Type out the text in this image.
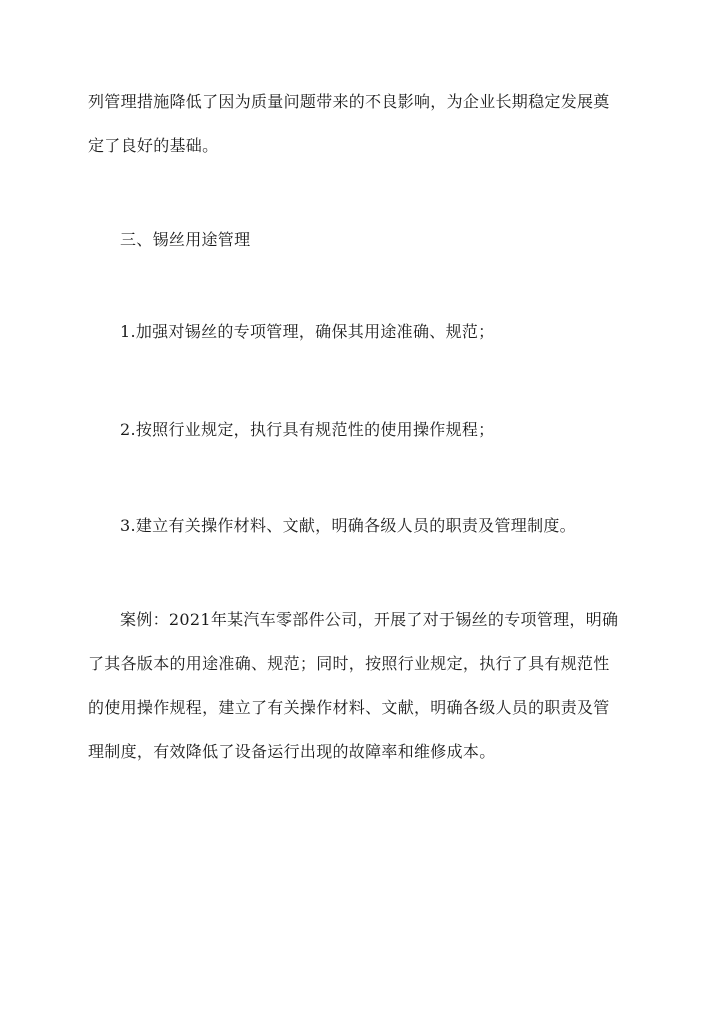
列管理措施降低了因为质量问题带来的不良影响，为企业长期稳定发展奠
定了良好的基础。
三、锡丝用途管理
1.加强对锡丝的专项管理，确保其用途准确、规范；
2.按照行业规定，执行具有规范性的使用操作规程；
3.建立有关操作材料、文献，明确各级人员的职责及管理制度。
案例：2021年某汽车零部件公司，开展了对于锡丝的专项管理，明确
了其各版本的用途准确、规范；同时，按照行业规定，执行了具有规范性
的使用操作规程，建立了有关操作材料、文献，明确各级人员的职责及管
理制度，有效降低了设备运行出现的故障率和维修成本。
